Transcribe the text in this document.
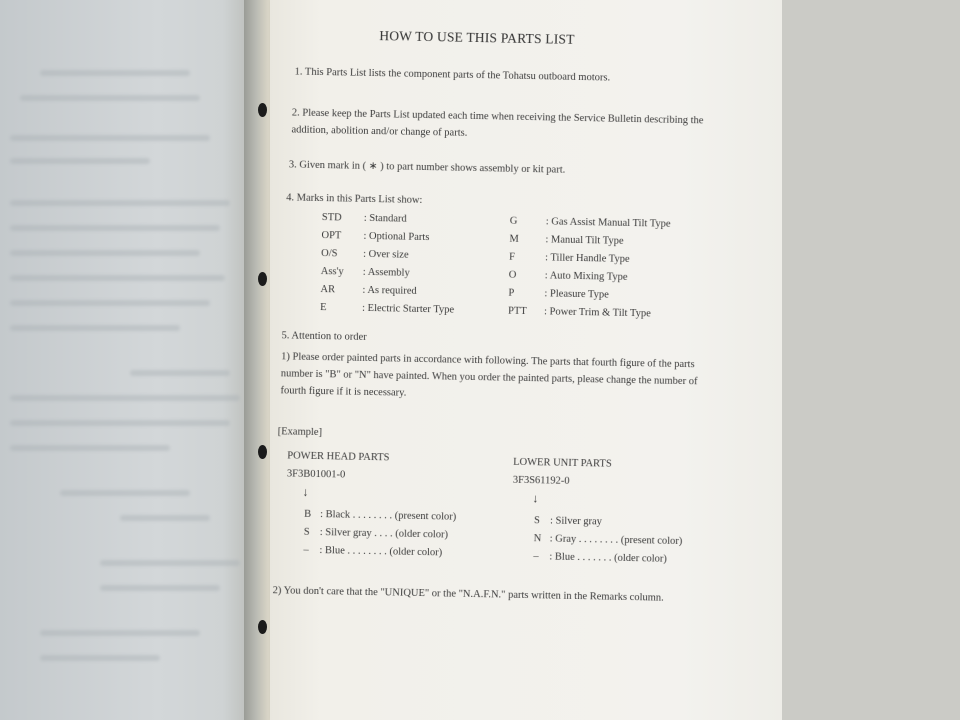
HOW TO USE THIS PARTS LIST
1. This Parts List lists the component parts of the Tohatsu outboard motors.
2. Please keep the Parts List updated each time when receiving the Service Bulletin describing the addition, abolition and/or change of parts.
3. Given mark in ( ∗ ) to part number shows assembly or kit part.
4. Marks in this Parts List show:
STD : Standard
OPT : Optional Parts
O/S : Over size
Ass'y : Assembly
AR	: As required
E	: Electric Starter Type
G	: Gas Assist Manual Tilt Type
M	: Manual Tilt Type
F	: Tiller Handle Type
O	: Auto Mixing Type
P	: Pleasure Type
PTT : Power Trim & Tilt Type
5. Attention to order
1) Please order painted parts in accordance with following. The parts that fourth figure of the parts number is "B" or "N" have painted. When you order the painted parts, please change the number of fourth figure if it is necessary.
[Example]
POWER HEAD PARTS
3F3B01001-0
↓
B : Black . . . . . . . . (present color)
S : Silver gray . . . . (older color)
– : Blue . . . . . . . . (older color)
LOWER UNIT PARTS
3F3S61192-0
↓
S : Silver gray
N : Gray . . . . . . . . (present color)
– : Blue . . . . . . . (older color)
2) You don't care that the "UNIQUE" or the "N.A.F.N." parts written in the Remarks column.
